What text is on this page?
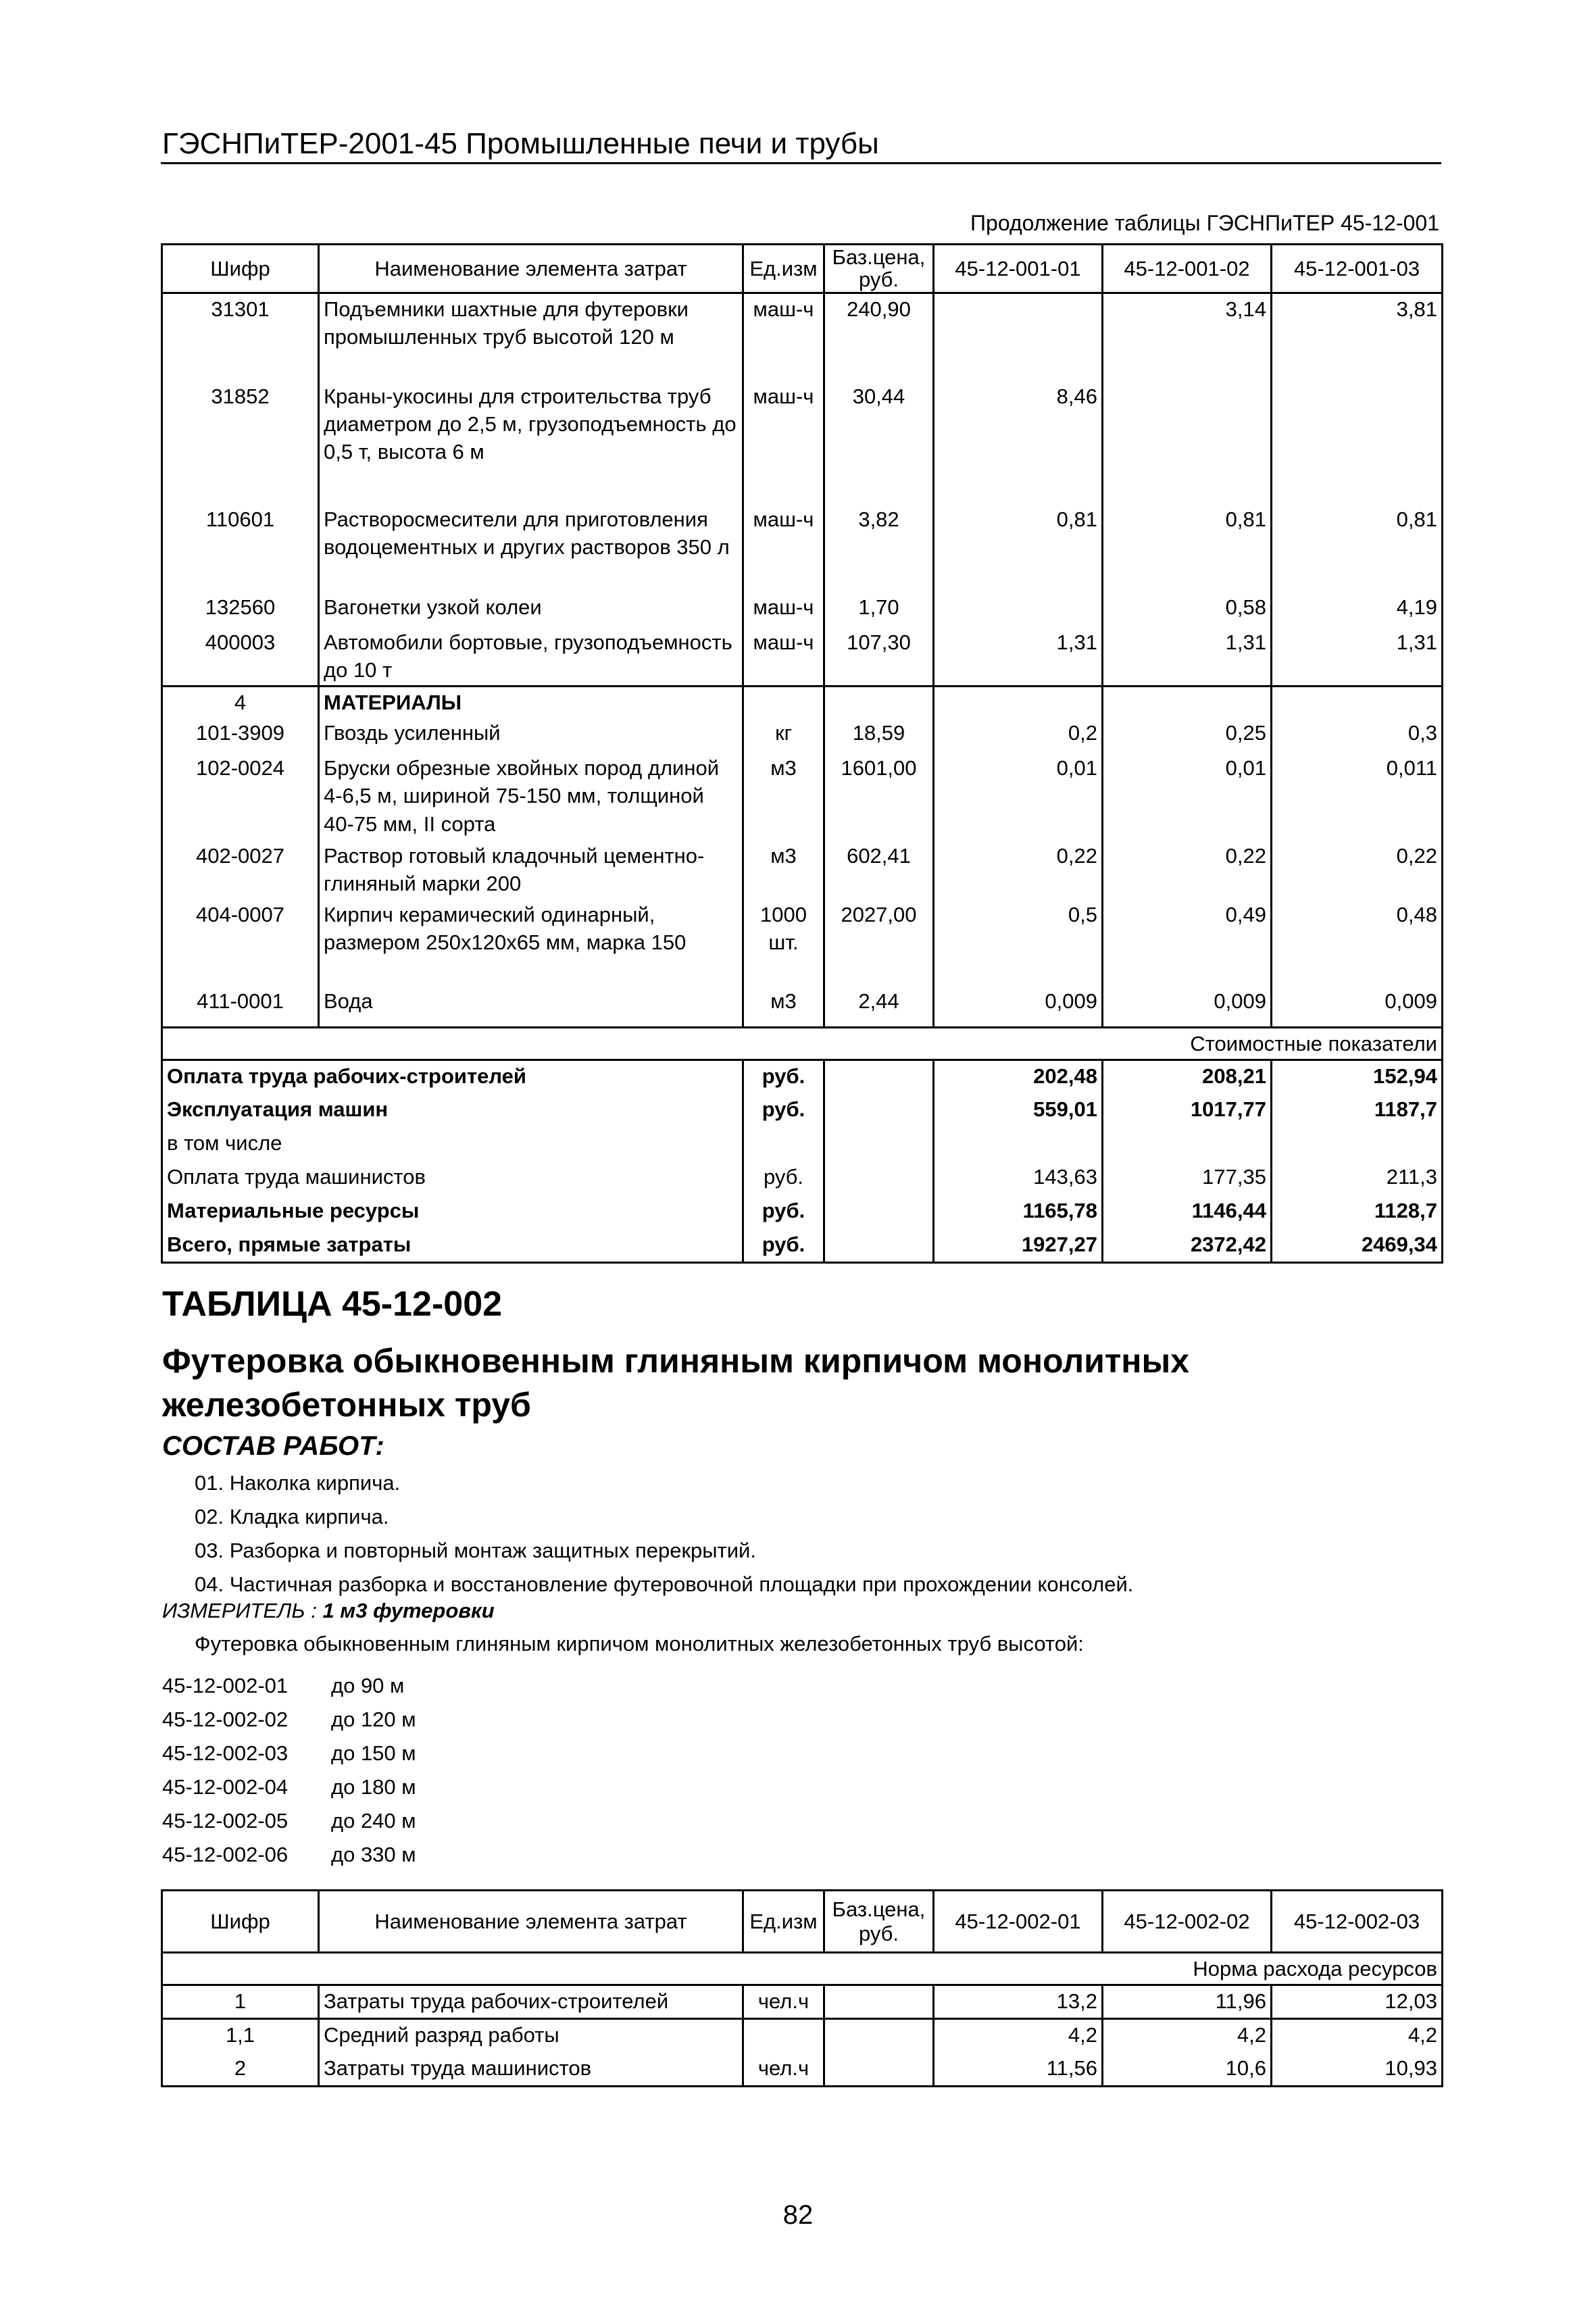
ГЭСНПиТЕР-2001-45 Промышленные печи и трубы
Продолжение таблицы ГЭСНПиТЕР 45-12-001
Шифр	Наименование элемента затрат	Ед.изм	Баз.цена, руб.	45-12-001-01	45-12-001-02	45-12-001-03
31301	Подъемники шахтные для футеровки промышленных труб высотой 120 м	маш-ч	240,90		3,14	3,81
31852	Краны-укосины для строительства труб диаметром до 2,5 м, грузоподъемность до 0,5 т, высота 6 м	маш-ч	30,44	8,46		
110601	Растворосмесители для приготовления водоцементных и других растворов 350 л	маш-ч	3,82	0,81	0,81	0,81
132560	Вагонетки узкой колеи	маш-ч	1,70		0,58	4,19
400003	Автомобили бортовые, грузоподъемность до 10 т	маш-ч	107,30	1,31	1,31	1,31
4	МАТЕРИАЛЫ					
101-3909	Гвоздь усиленный	кг	18,59	0,2	0,25	0,3
102-0024	Бруски обрезные хвойных пород длиной 4-6,5 м, шириной 75-150 мм, толщиной 40-75 мм, II сорта	м3	1601,00	0,01	0,01	0,011
402-0027	Раствор готовый кладочный цементно-глиняный марки 200	м3	602,41	0,22	0,22	0,22
404-0007	Кирпич керамический одинарный, размером 250x120x65 мм, марка 150	1000 шт.	2027,00	0,5	0,49	0,48
411-0001	Вода	м3	2,44	0,009	0,009	0,009
Стоимостные показатели						
Оплата труда рабочих-строителей		руб.		202,48	208,21	152,94
Эксплуатация машин		руб.		559,01	1017,77	1187,7
в том числе						
Оплата труда машинистов		руб.		143,63	177,35	211,3
Материальные ресурсы		руб.		1165,78	1146,44	1128,7
Всего, прямые затраты		руб.		1927,27	2372,42	2469,34
ТАБЛИЦА 45-12-002
Футеровка обыкновенным глиняным кирпичом монолитных железобетонных труб
СОСТАВ РАБОТ:
01. Наколка кирпича.
02. Кладка кирпича.
03. Разборка и повторный монтаж защитных перекрытий.
04. Частичная разборка и восстановление футеровочной площадки при прохождении консолей.
ИЗМЕРИТЕЛЬ : 1 м3 футеровки
Футеровка обыкновенным глиняным кирпичом монолитных железобетонных труб высотой:
45-12-002-01 до 90 м
45-12-002-02 до 120 м
45-12-002-03 до 150 м
45-12-002-04 до 180 м
45-12-002-05 до 240 м
45-12-002-06 до 330 м
Шифр	Наименование элемента затрат	Ед.изм	Баз.цена, руб.	45-12-002-01	45-12-002-02	45-12-002-03
Норма расхода ресурсов						
1	Затраты труда рабочих-строителей	чел.ч		13,2	11,96	12,03
1,1	Средний разряд работы			4,2	4,2	4,2
2	Затраты труда машинистов	чел.ч		11,56	10,6	10,93
82
